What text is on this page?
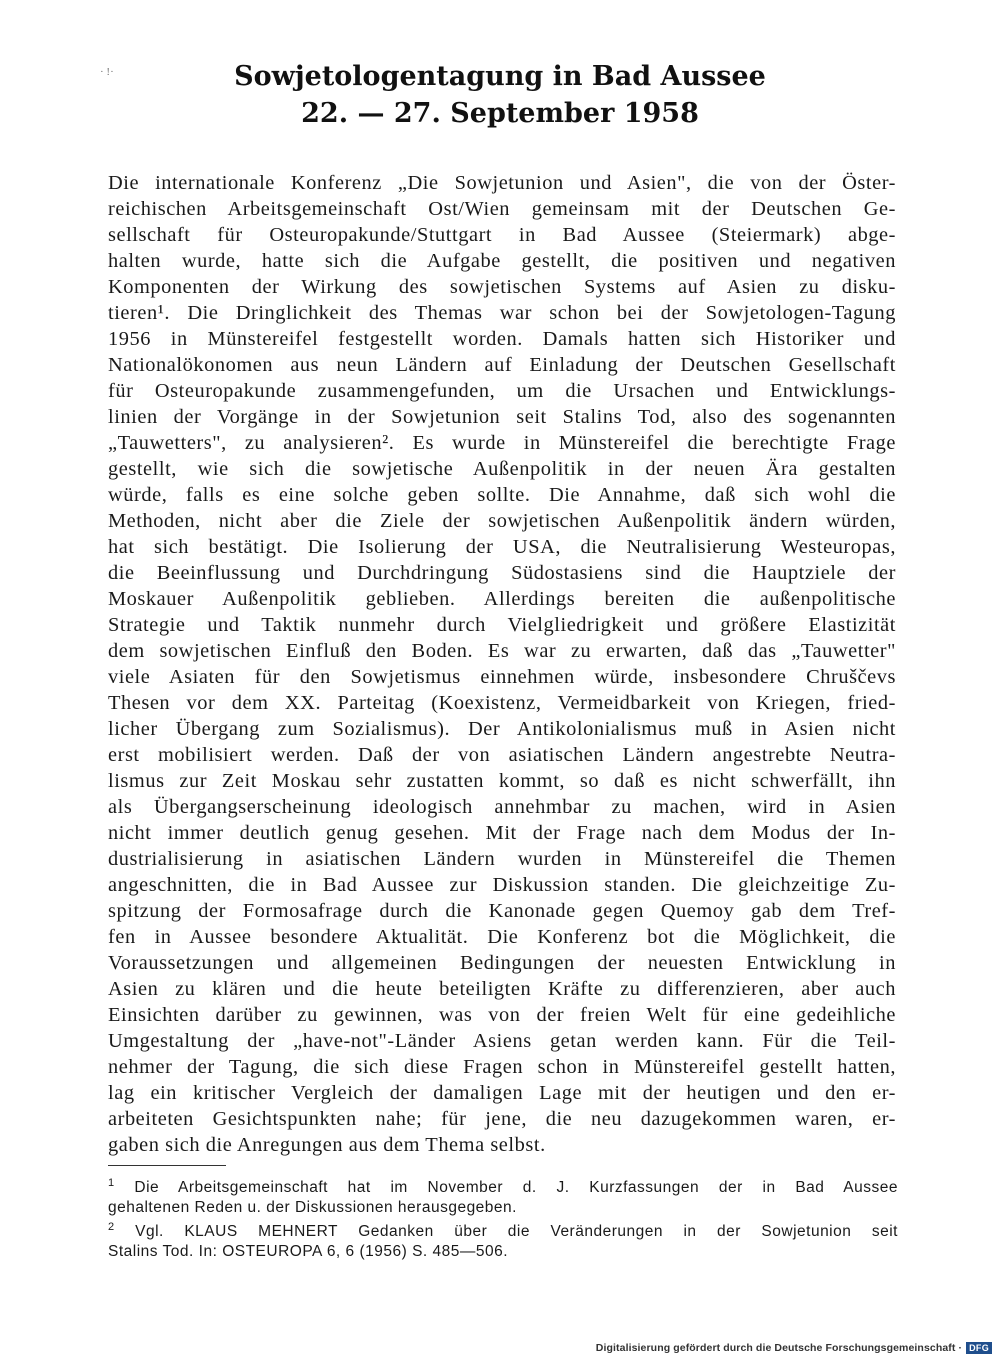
· !·	Sowjetologentagung in Bad Aussee
22. — 27. September 1958
Die internationale Konferenz „Die Sowjetunion und Asien", die von der Öster-
reichischen Arbeitsgemeinschaft Ost/Wien gemeinsam mit der Deutschen Ge-
sellschaft für Osteuropakunde/Stuttgart in Bad Aussee (Steiermark) abge-
halten wurde, hatte sich die Aufgabe gestellt, die positiven und negativen
Komponenten der Wirkung des sowjetischen Systems auf Asien zu disku-
tieren¹. Die Dringlichkeit des Themas war schon bei der Sowjetologen-Tagung
1956 in Münstereifel festgestellt worden. Damals hatten sich Historiker und
Nationalökonomen aus neun Ländern auf Einladung der Deutschen Gesellschaft
für Osteuropakunde zusammengefunden, um die Ursachen und Entwicklungs-
linien der Vorgänge in der Sowjetunion seit Stalins Tod, also des sogenannten
„Tauwetters", zu analysieren². Es wurde in Münstereifel die berechtigte Frage
gestellt, wie sich die sowjetische Außenpolitik in der neuen Ära gestalten
würde, falls es eine solche geben sollte. Die Annahme, daß sich wohl die
Methoden, nicht aber die Ziele der sowjetischen Außenpolitik ändern würden,
hat sich bestätigt. Die Isolierung der USA, die Neutralisierung Westeuropas,
die Beeinflussung und Durchdringung Südostasiens sind die Hauptziele der
Moskauer Außenpolitik geblieben. Allerdings bereiten die außenpolitische
Strategie und Taktik nunmehr durch Vielgliedrigkeit und größere Elastizität
dem sowjetischen Einfluß den Boden. Es war zu erwarten, daß das „Tauwetter"
viele Asiaten für den Sowjetismus einnehmen würde, insbesondere Chruščevs
Thesen vor dem XX. Parteitag (Koexistenz, Vermeidbarkeit von Kriegen, fried-
licher Übergang zum Sozialismus). Der Antikolonialismus muß in Asien nicht
erst mobilisiert werden. Daß der von asiatischen Ländern angestrebte Neutra-
lismus zur Zeit Moskau sehr zustatten kommt, so daß es nicht schwerfällt, ihn
als Übergangserscheinung ideologisch annehmbar zu machen, wird in Asien
nicht immer deutlich genug gesehen. Mit der Frage nach dem Modus der In-
dustrialisierung in asiatischen Ländern wurden in Münstereifel die Themen
angeschnitten, die in Bad Aussee zur Diskussion standen. Die gleichzeitige Zu-
spitzung der Formosafrage durch die Kanonade gegen Quemoy gab dem Tref-
fen in Aussee besondere Aktualität. Die Konferenz bot die Möglichkeit, die
Voraussetzungen und allgemeinen Bedingungen der neuesten Entwicklung in
Asien zu klären und die heute beteiligten Kräfte zu differenzieren, aber auch
Einsichten darüber zu gewinnen, was von der freien Welt für eine gedeihliche
Umgestaltung der „have-not"-Länder Asiens getan werden kann. Für die Teil-
nehmer der Tagung, die sich diese Fragen schon in Münstereifel gestellt hatten,
lag ein kritischer Vergleich der damaligen Lage mit der heutigen und den er-
arbeiteten Gesichtspunkten nahe; für jene, die neu dazugekommen waren, er-
gaben sich die Anregungen aus dem Thema selbst.
$^1$ Die Arbeitsgemeinschaft hat im November d. J. Kurzfassungen der in Bad Aussee
gehaltenen Reden u. der Diskussionen herausgegeben.
$^2$ Vgl. KLAUS MEHNERT Gedanken über die Veränderungen in der Sowjetunion seit
Stalins Tod. In: OSTEUROPA 6, 6 (1956) S. 485—506.
Digitalisierung gefördert durch die Deutsche Forschungsgemeinschaft · DFG
